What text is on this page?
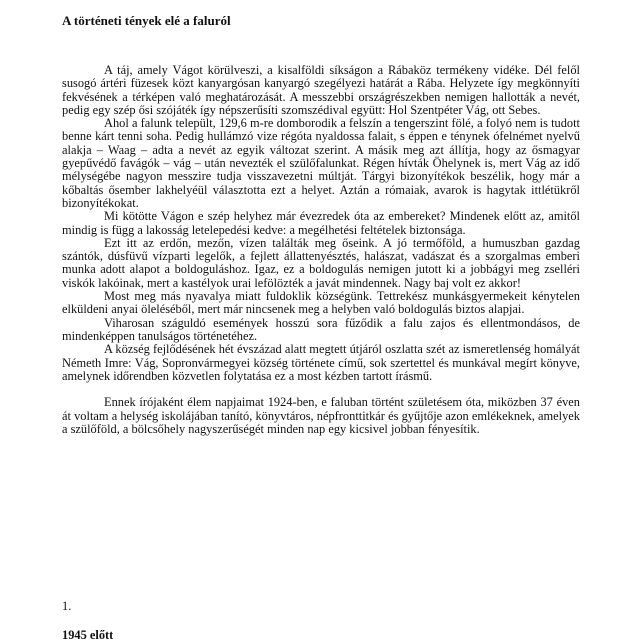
A történeti tények elé a faluról

A táj, amely Vágot körülveszi, a kisalföldi síkságon a Rábaköz termékeny vidéke. Dél felől susogó ártéri füzesek közt kanyargósan kanyargó szegélyezi határát a Rába. Helyzete így megkönnyíti fekvésének a térképen való meghatározását. A messzebbi országrészekben nemigen hallották a nevét, pedig egy szép ősi szójáték így népszerűsíti szomszédival együtt: Hol Szentpéter Vág, ott Sebes.

Ahol a falunk települt, 129,6 m-re domborodik a felszín a tengerszint fölé, a folyó nem is tudott benne kárt tenni soha. Pedig hullámzó vize régóta nyaldossa falait, s éppen e ténynek ófelnémet nyelvű alakja – Waag – adta a nevét az egyik változat szerint. A másik meg azt állítja, hogy az ősmagyar gyepűvédő favágók – vág – után nevezték el szülőfalunkat. Régen hívták Öhelynek is, mert Vág az idő mélységébe nagyon messzire tudja visszavezetni múltját. Tárgyi bizonyítékok beszélik, hogy már a kőbaltás ősember lakhelyéül választotta ezt a helyet. Aztán a rómaiak, avarok is hagytak ittlétükről bizonyítékokat.

Mi kötötte Vágon e szép helyhez már évezredek óta az embereket? Mindenek előtt az, amitől mindig is függ a lakosság letelepedési kedve: a megélhetési feltételek biztonsága.

Ezt itt az erdőn, mezőn, vízen találták meg őseink. A jó termőföld, a humuszban gazdag szántók, dúsfüvű vízparti legelők, a fejlett állattenyésztés, halászat, vadászat és a szorgalmas emberi munka adott alapot a boldoguláshoz. Igaz, ez a boldogulás nemigen jutott ki a jobbágyi meg zselléri viskók lakóinak, mert a kastélyok urai lefölözték a javát mindennek. Nagy baj volt ez akkor!

Most meg más nyavalya miatt fuldoklik községünk. Tettrekész munkásgyermekeit kénytelen elküldeni anyai öleléséből, mert már nincsenek meg a helyben való boldogulás biztos alapjai.

Viharosan száguldó események hosszú sora fűződik a falu zajos és ellentmondásos, de mindenképpen tanulságos történetéhez.

A község fejlődésének hét évszázad alatt megtett útjáról oszlatta szét az ismeretlenség homályát Németh Imre: Vág, Sopronvármegyei község története című, sok szertettel és munkával megírt könyve, amelynek időrendben közvetlen folytatása ez a most kézben tartott írásmű.

Ennek írójaként élem napjaimat 1924-ben, e faluban történt születésem óta, miközben 37 éven át voltam a helység iskolájában tanító, könyvtáros, népfronttitkár és gyűjtője azon emlékeknek, amelyek a szülőföld, a bölcsőhely nagyszerűségét minden nap egy kicsivel jobban fényesítik.

1.
1945 előtt
